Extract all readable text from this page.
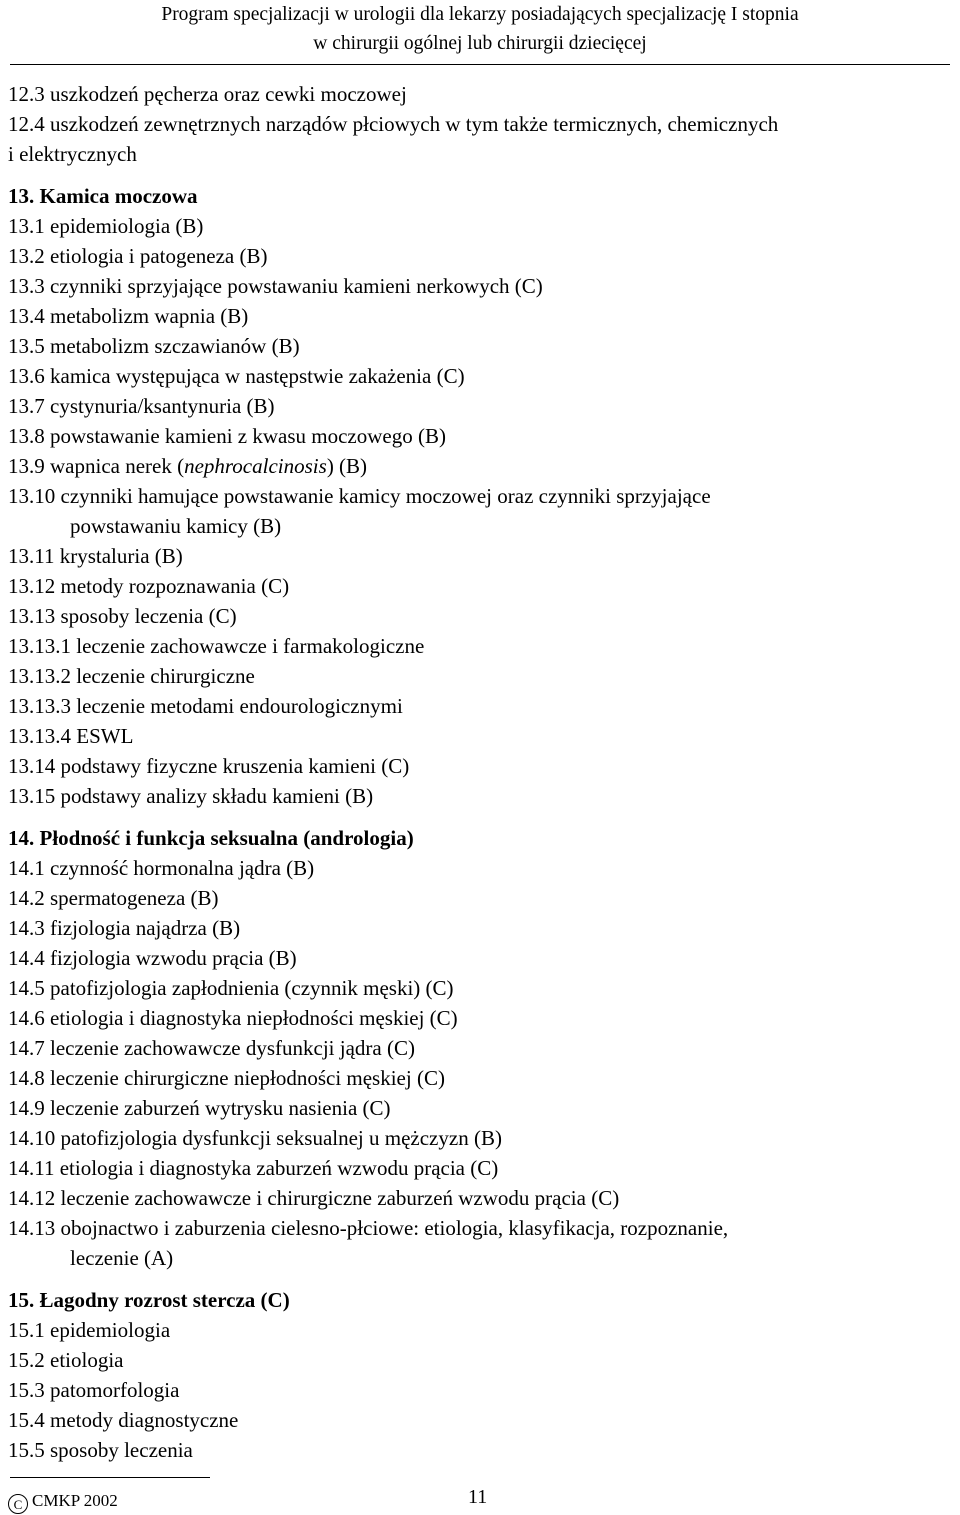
Program specjalizacji w urologii dla lekarzy posiadających specjalizację I stopnia
w chirurgii ogólnej lub chirurgii dziecięcej
12.3 uszkodzeń pęcherza oraz cewki moczowej
12.4 uszkodzeń zewnętrznych narządów płciowych w tym także termicznych, chemicznych
i elektrycznych
13. Kamica moczowa
13.1 epidemiologia (B)
13.2 etiologia i patogeneza (B)
13.3 czynniki sprzyjające powstawaniu kamieni nerkowych (C)
13.4 metabolizm wapnia (B)
13.5 metabolizm szczawianów (B)
13.6 kamica występująca w następstwie zakażenia (C)
13.7 cystynuria/ksantynuria (B)
13.8 powstawanie kamieni z kwasu moczowego (B)
13.9 wapnica nerek (nephrocalcinosis) (B)
13.10 czynniki hamujące powstawanie kamicy moczowej oraz czynniki sprzyjające
powstawaniu kamicy (B)
13.11 krystaluria (B)
13.12 metody rozpoznawania (C)
13.13 sposoby leczenia (C)
13.13.1 leczenie zachowawcze i farmakologiczne
13.13.2 leczenie chirurgiczne
13.13.3 leczenie metodami endourologicznymi
13.13.4 ESWL
13.14 podstawy fizyczne kruszenia kamieni (C)
13.15 podstawy analizy składu kamieni (B)
14. Płodność i funkcja seksualna (andrologia)
14.1 czynność hormonalna jądra (B)
14.2 spermatogeneza (B)
14.3 fizjologia najądrza (B)
14.4 fizjologia wzwodu prącia (B)
14.5 patofizjologia zapłodnienia (czynnik męski) (C)
14.6 etiologia i diagnostyka niepłodności męskiej (C)
14.7 leczenie zachowawcze dysfunkcji jądra (C)
14.8 leczenie chirurgiczne niepłodności męskiej (C)
14.9 leczenie zaburzeń wytrysku nasienia (C)
14.10 patofizjologia dysfunkcji seksualnej u mężczyzn (B)
14.11 etiologia i diagnostyka zaburzeń wzwodu prącia (C)
14.12 leczenie zachowawcze i chirurgiczne zaburzeń wzwodu prącia (C)
14.13 obojnactwo i zaburzenia cielesno-płciowe: etiologia, klasyfikacja, rozpoznanie,
leczenie (A)
15. Łagodny rozrost stercza (C)
15.1 epidemiologia
15.2 etiologia
15.3 patomorfologia
15.4 metody diagnostyczne
15.5 sposoby leczenia
C CMKP 2002	11
